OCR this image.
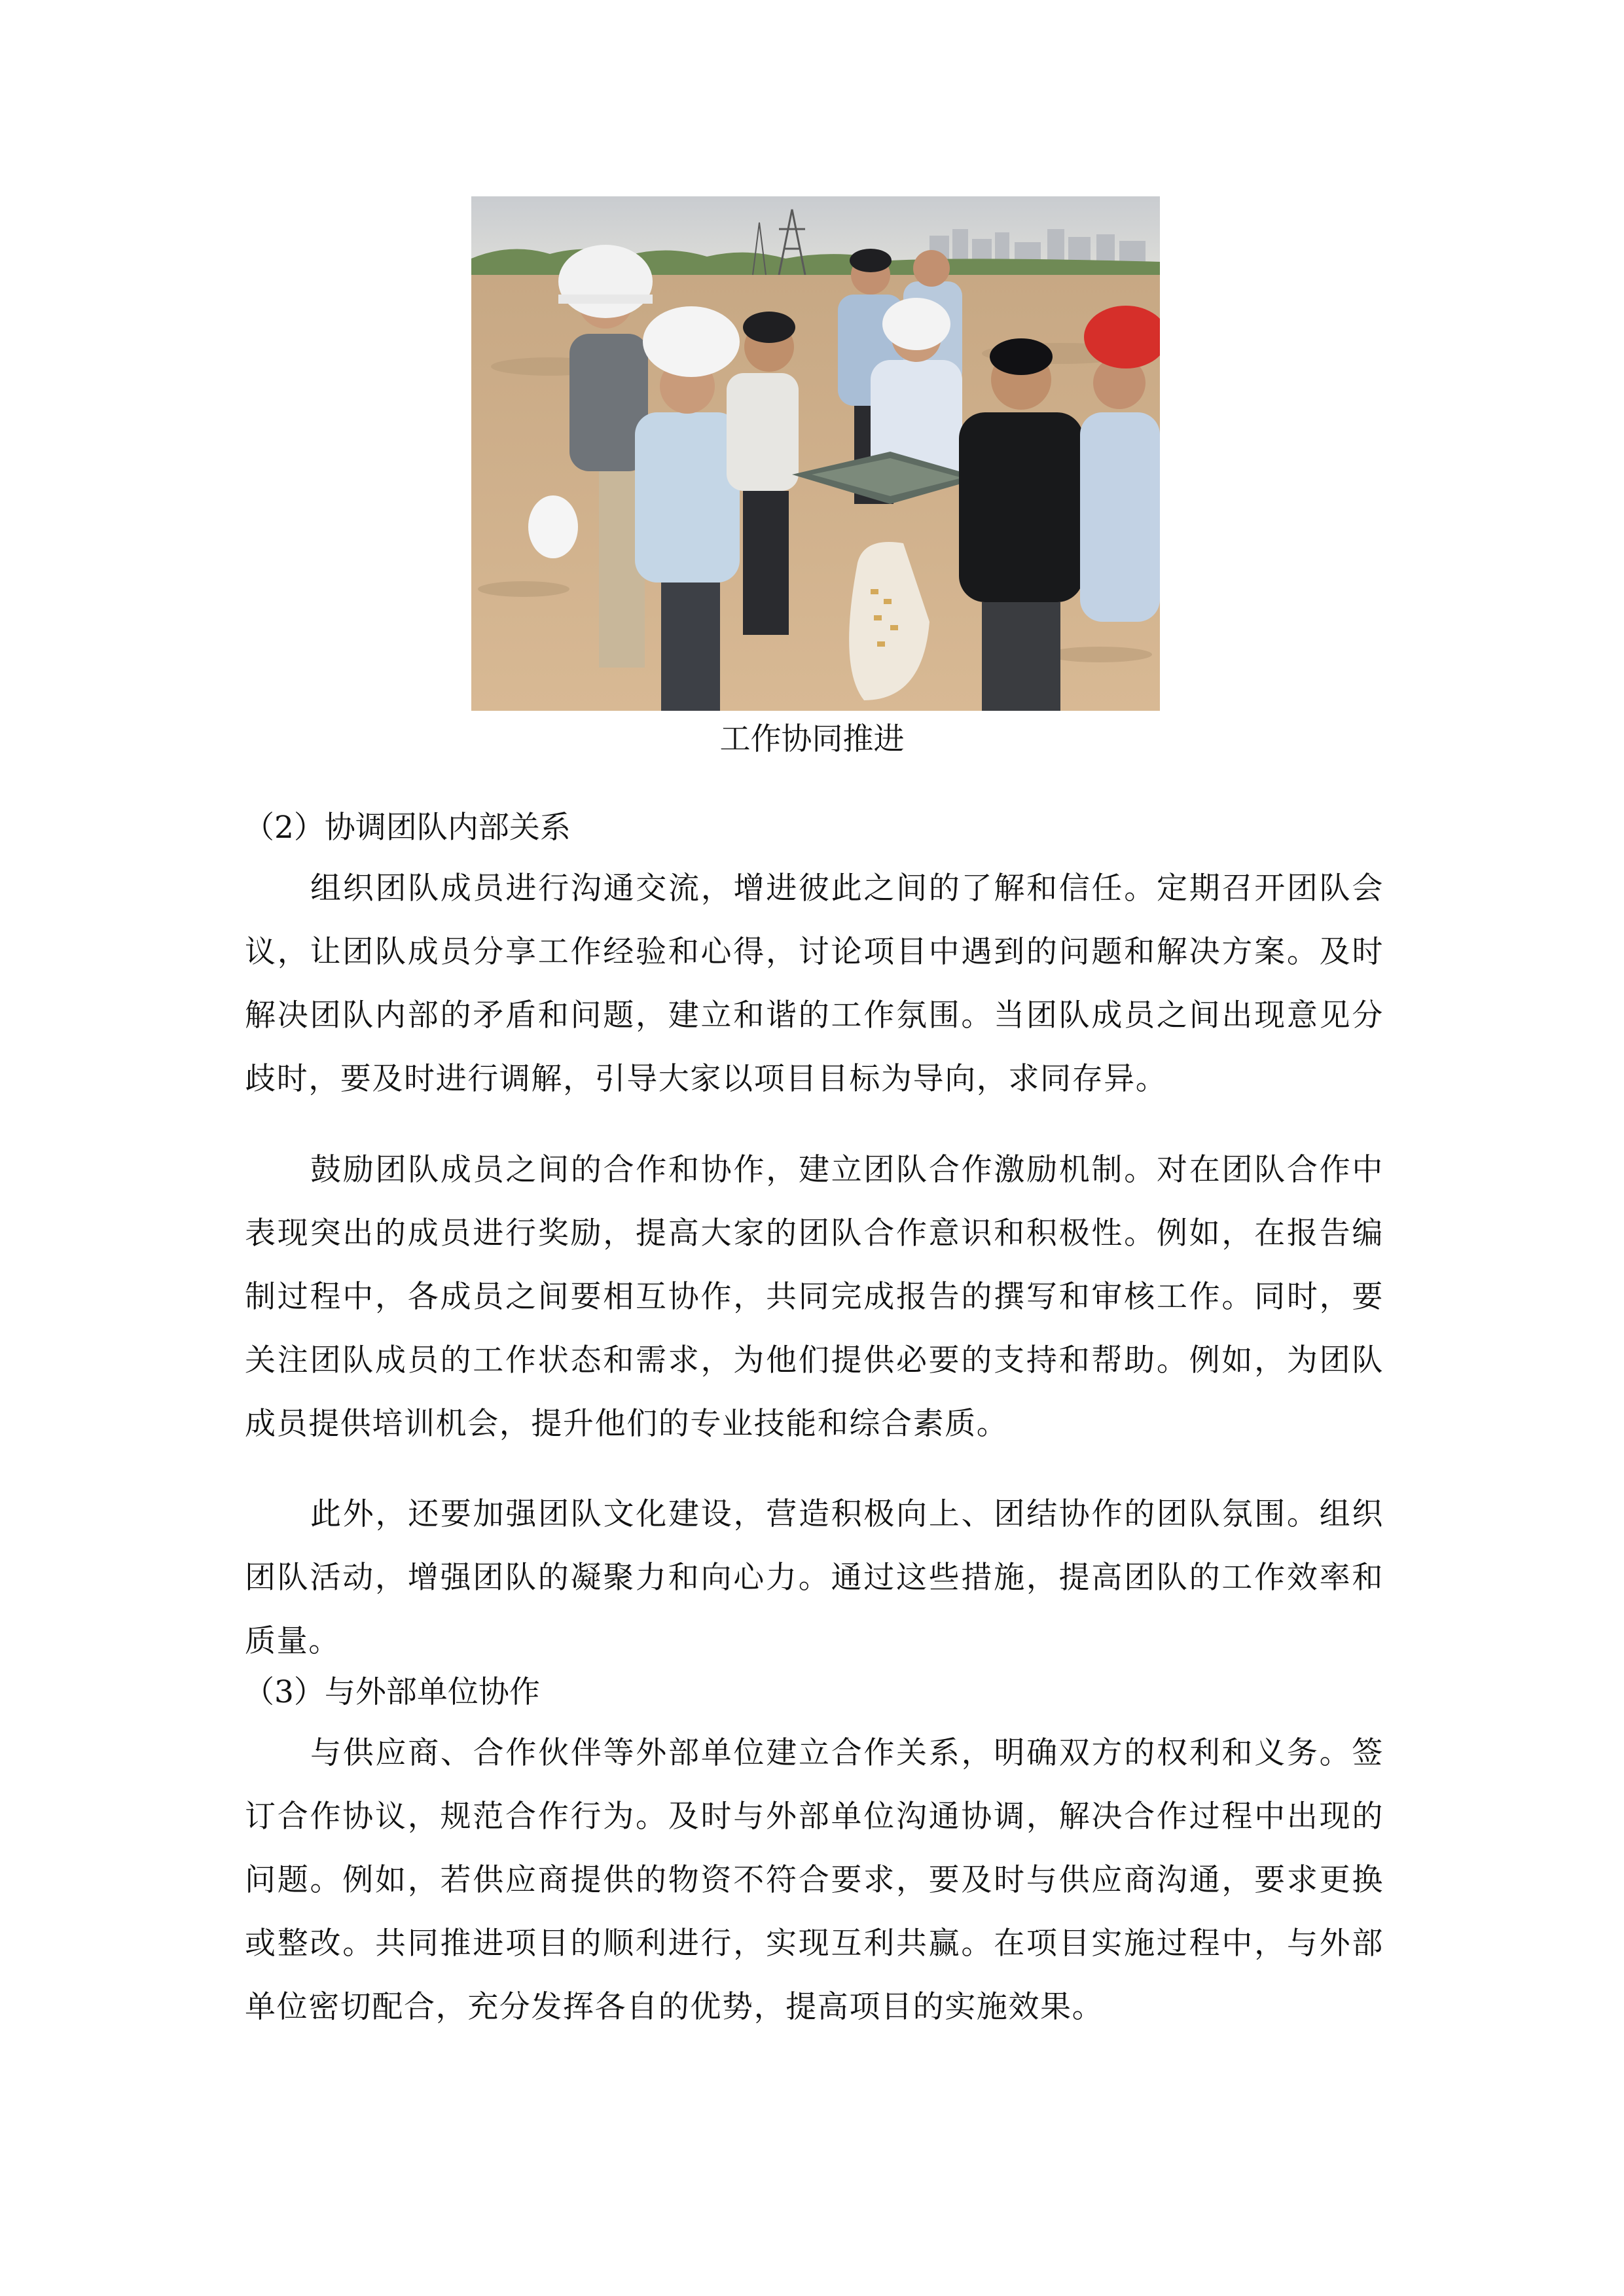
工作协同推进
（2）协调团队内部关系
组织团队成员进行沟通交流，增进彼此之间的了解和信任。定期召开团队会议，让团队成员分享工作经验和心得，讨论项目中遇到的问题和解决方案。及时解决团队内部的矛盾和问题，建立和谐的工作氛围。当团队成员之间出现意见分歧时，要及时进行调解，引导大家以项目目标为导向，求同存异。
鼓励团队成员之间的合作和协作，建立团队合作激励机制。对在团队合作中表现突出的成员进行奖励，提高大家的团队合作意识和积极性。例如，在报告编制过程中，各成员之间要相互协作，共同完成报告的撰写和审核工作。同时，要关注团队成员的工作状态和需求，为他们提供必要的支持和帮助。例如，为团队成员提供培训机会，提升他们的专业技能和综合素质。
此外，还要加强团队文化建设，营造积极向上、团结协作的团队氛围。组织团队活动，增强团队的凝聚力和向心力。通过这些措施，提高团队的工作效率和质量。
（3）与外部单位协作
与供应商、合作伙伴等外部单位建立合作关系，明确双方的权利和义务。签订合作协议，规范合作行为。及时与外部单位沟通协调，解决合作过程中出现的问题。例如，若供应商提供的物资不符合要求，要及时与供应商沟通，要求更换或整改。共同推进项目的顺利进行，实现互利共赢。在项目实施过程中，与外部单位密切配合，充分发挥各自的优势，提高项目的实施效果。
